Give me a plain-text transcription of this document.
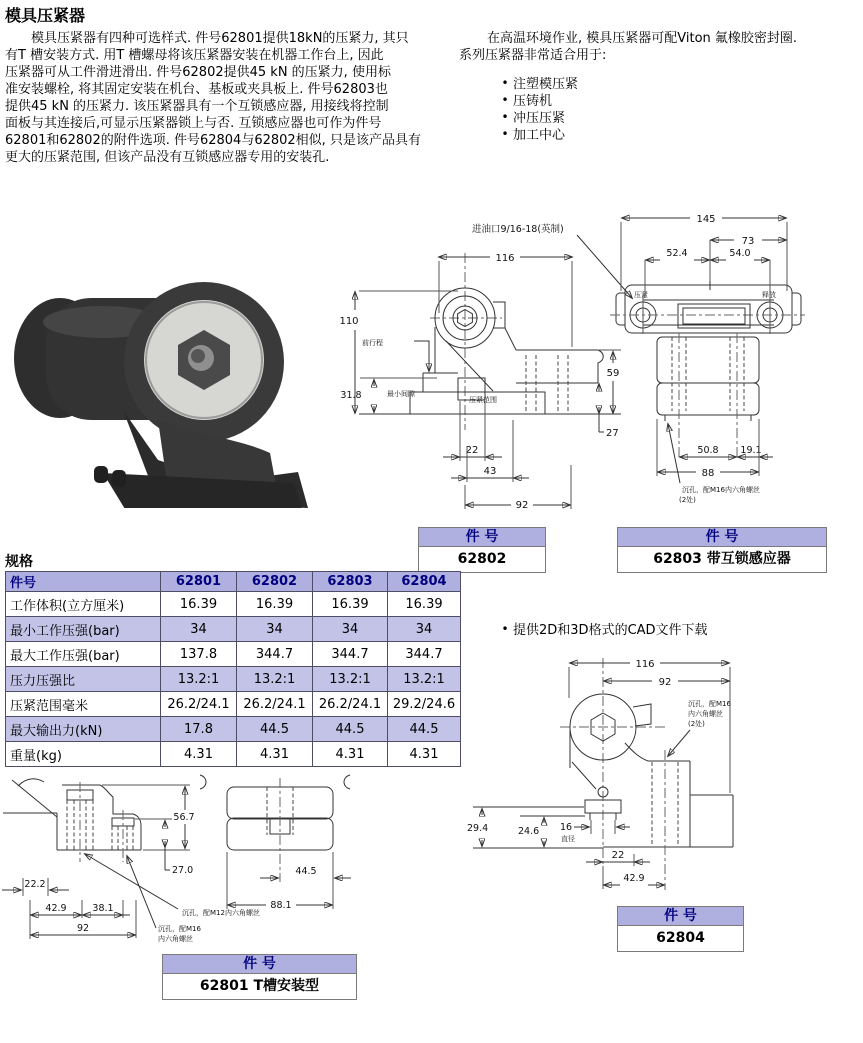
模具压紧器
模具压紧器有四种可选样式. 件号62801提供18kN的压紧力, 其只
有T 槽安装方式. 用T 槽螺母将该压紧器安装在机器工作台上, 因此
压紧器可从工件滑进滑出. 件号62802提供45 kN 的压紧力, 使用标
准安装螺栓, 将其固定安装在机台、基板或夹具板上. 件号62803也
提供45 kN 的压紧力. 该压紧器具有一个互锁感应器, 用接线将控制
面板与其连接后,可显示压紧器锁上与否. 互锁感应器也可作为件号
62801和62802的附件选项. 件号62804与62802相似, 只是该产品具有
更大的压紧范围, 但该产品没有互锁感应器专用的安装孔.
在高温环境作业, 模具压紧器可配Viton 氟橡胶密封圈.
系列压紧器非常适合用于:
• 注塑模压紧
• 压铸机
• 冲压压紧
• 加工中心
116
110
进油口9/16-18(英制)
前行程
31.8	最小间隙
压紧范围
59
27
22
43
92
压紧	释放
145
73
52.4	54.0
50.8 19.1
88
沉孔，配M16内六角螺丝
(2处)
件 号
62802
件 号
62803 带互锁感应器
规格
件号	62801	62802	62803	62804
工作体积(立方厘米)	16.39	16.39	16.39	16.39
最小工作压强(bar)	34	34	34	34
最大工作压强(bar)	137.8	344.7	344.7	344.7
压力压强比	13.2:1	13.2:1	13.2:1	13.2:1
压紧范围毫米	26.2/24.1	26.2/24.1	26.2/24.1	29.2/24.6
最大输出力(kN)	17.8	44.5	44.5	44.5
重量(kg)	4.31	4.31	4.31	4.31
• 提供2D和3D格式的CAD文件下载
116
92
29.4	24.6 16
直径
22
42.9
沉孔，配M16
内六角螺丝
(2处)
56.7
27.0
22.2
42.9	38.1
92
沉孔，配M12内六角螺丝
沉孔，配M16
内六角螺丝
44.5
88.1
件 号
62801 T槽安装型
件 号
62804
